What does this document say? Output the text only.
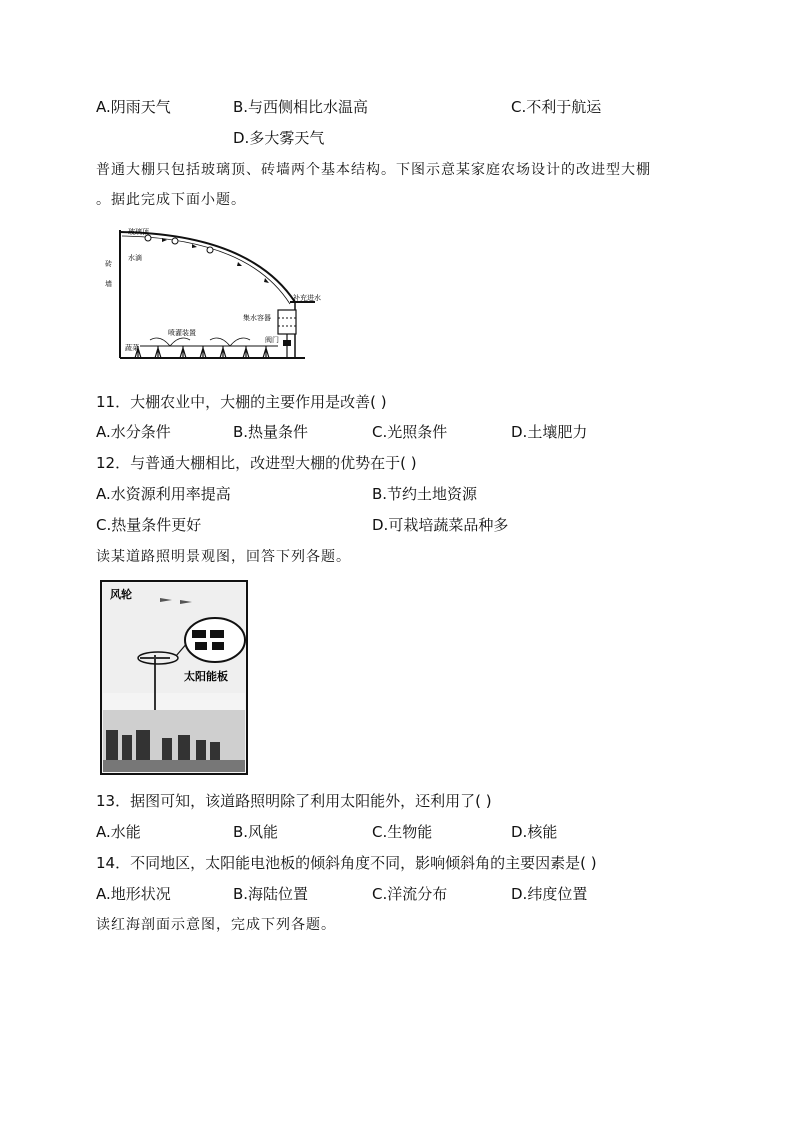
A.阴雨天气	B.与西侧相比水温高	C.不利于航运
D.多大雾天气
普通大棚只包括玻璃顶、砖墙两个基本结构。下图示意某家庭农场设计的改进型大棚
。据此完成下面小题。
玻璃顶
水滴
砖
墙
补充进水
集水容器
喷灌装置
蔬菜
阀门
11．大棚农业中，大棚的主要作用是改善( )
A.水分条件	B.热量条件	C.光照条件	D.土壤肥力
12．与普通大棚相比，改进型大棚的优势在于( )
A.水资源利用率提高	B.节约土地资源
C.热量条件更好	D.可栽培蔬菜品种多
读某道路照明景观图，回答下列各题。
风轮
太阳能板
13．据图可知，该道路照明除了利用太阳能外，还利用了( )
A.水能	B.风能	C.生物能	D.核能
14．不同地区，太阳能电池板的倾斜角度不同，影响倾斜角的主要因素是( )
A.地形状况	B.海陆位置	C.洋流分布	D.纬度位置
读红海剖面示意图，完成下列各题。
